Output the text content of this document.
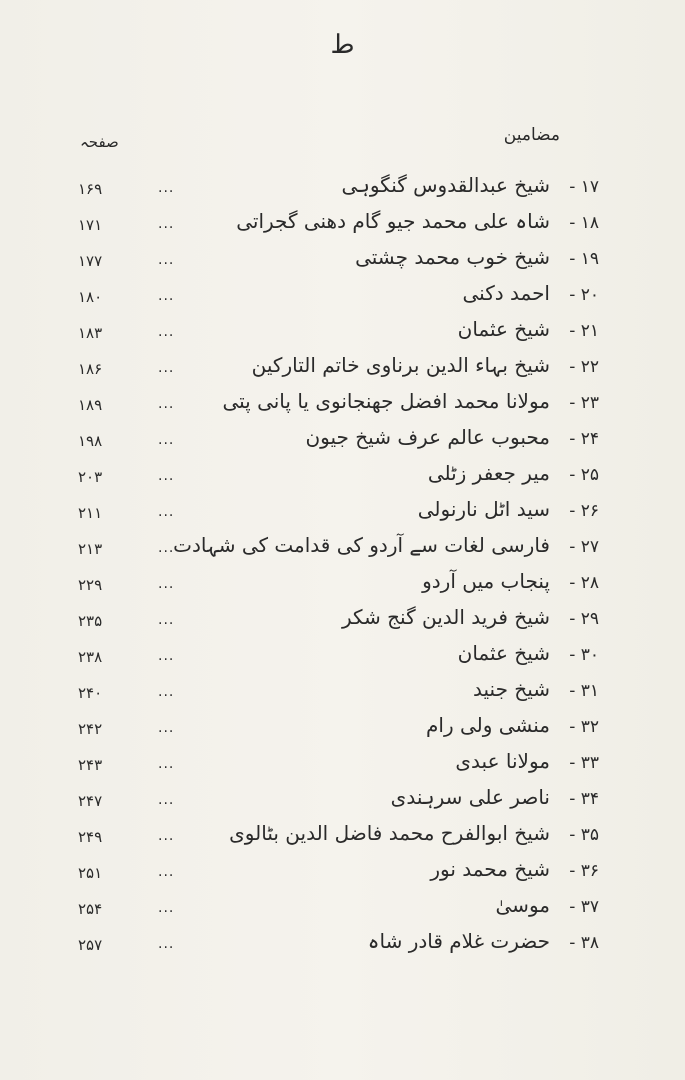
ط
مضامین
صفحہ
۱۷ -
شیخ عبدالقدوس گنگوہی
...
۱۶۹
۱۸ -
شاہ علی محمد جیو گام دھنی گجراتی
...
۱۷۱
۱۹ -
شیخ خوب محمد چشتی
...
۱۷۷
۲۰ -
احمد دکنی
...
۱۸۰
۲۱ -
شیخ عثمان
...
۱۸۳
۲۲ -
شیخ بہاء الدین برناوی خاتم التارکین
...
۱۸۶
۲۳ -
مولانا محمد افضل جھنجانوی یا پانی پتی
...
۱۸۹
۲۴ -
محبوب عالم عرف شیخ جیون
...
۱۹۸
۲۵ -
میر جعفر زٹلی
...
۲۰۳
۲۶ -
سید اٹل نارنولی
...
۲۱۱
۲۷ -
فارسی لغات سے آردو کی قدامت کی شہادت
...
۲۱۳
۲۸ -
پنجاب میں آردو
...
۲۲۹
۲۹ -
شیخ فرید الدین گنج شکر
...
۲۳۵
۳۰ -
شیخ عثمان
...
۲۳۸
۳۱ -
شیخ جنید
...
۲۴۰
۳۲ -
منشی ولی رام
...
۲۴۲
۳۳ -
مولانا عبدی
...
۲۴۳
۳۴ -
ناصر علی سرہندی
...
۲۴۷
۳۵ -
شیخ ابوالفرح محمد فاضل الدین بٹالوی
...
۲۴۹
۳۶ -
شیخ محمد نور
...
۲۵۱
۳۷ -
موسیٰ
...
۲۵۴
۳۸ -
حضرت غلام قادر شاہ
...
۲۵۷
